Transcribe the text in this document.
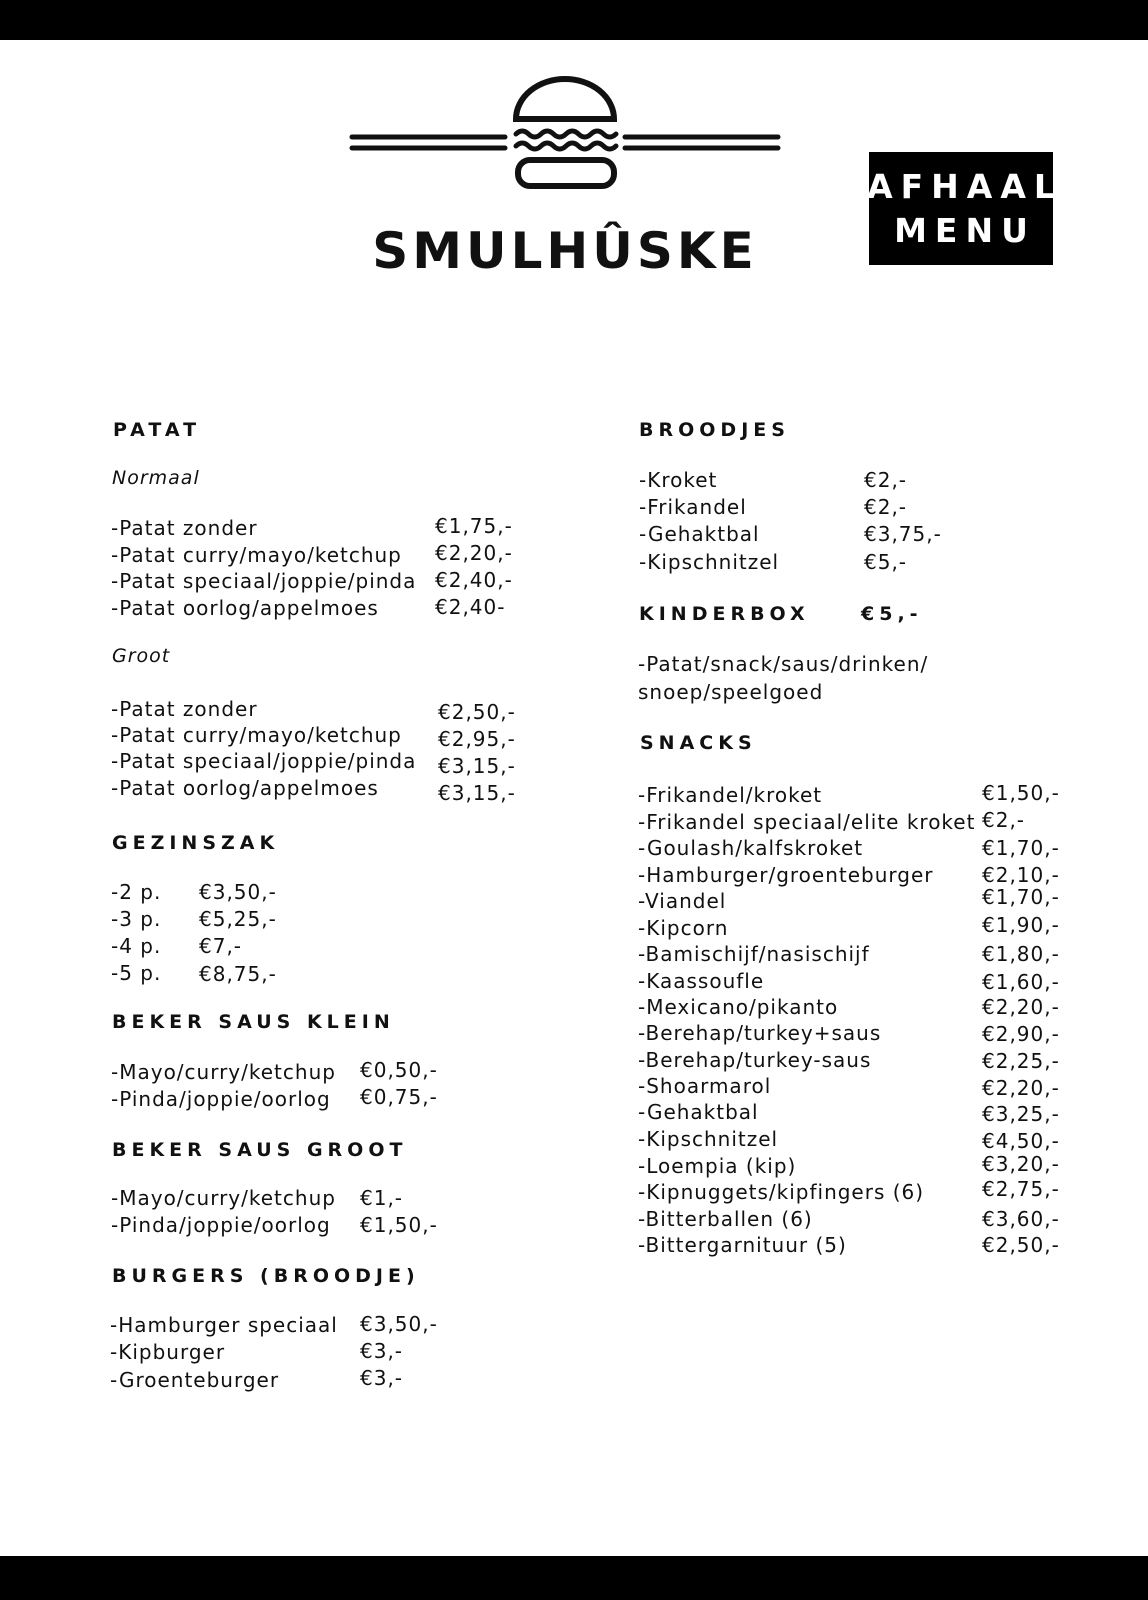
SMULHÛSKE
AFHAAL
MENU
PATAT
Normaal
-Patat zonder	€1,75,-
-Patat curry/mayo/ketchup €2,20,-
-Patat speciaal/joppie/pinda €2,40,-
-Patat oorlog/appelmoes	€2,40-
Groot
-Patat zonder	€2,50,-
-Patat curry/mayo/ketchup €2,95,-
-Patat speciaal/joppie/pinda €3,15,-
-Patat oorlog/appelmoes	€3,15,-
GEZINSZAK
-2 p. €3,50,-
-3 p. €5,25,-
-4 p. €7,-
-5 p. €8,75,-
BEKER SAUS KLEIN
-Mayo/curry/ketchup €0,50,-
-Pinda/joppie/oorlog €0,75,-
BEKER SAUS GROOT
-Mayo/curry/ketchup €1,-
-Pinda/joppie/oorlog €1,50,-
BURGERS (BROODJE)
-Hamburger speciaal €3,50,-
-Kipburger	€3,-
-Groenteburger	€3,-
BROODJES
-Kroket	€2,-
-Frikandel	€2,-
-Gehaktbal	€3,75,-
-Kipschnitzel	€5,-
KINDERBOX	€5,-
-Patat/snack/saus/drinken/
snoep/speelgoed
SNACKS
-Frikandel/kroket	€1,50,-
-Frikandel speciaal/elite kroket €2,-
-Goulash/kalfskroket	€1,70,-
-Hamburger/groenteburger €2,10,-
-Viandel	€1,70,-
-Kipcorn	€1,90,-
-Bamischijf/nasischijf	€1,80,-
-Kaassoufle	€1,60,-
-Mexicano/pikanto	€2,20,-
-Berehap/turkey+saus	€2,90,-
-Berehap/turkey-saus	€2,25,-
-Shoarmarol	€2,20,-
-Gehaktbal	€3,25,-
-Kipschnitzel	€4,50,-
-Loempia (kip)	€3,20,-
-Kipnuggets/kipfingers (6)	€2,75,-
-Bitterballen (6)	€3,60,-
-Bittergarnituur (5)	€2,50,-
